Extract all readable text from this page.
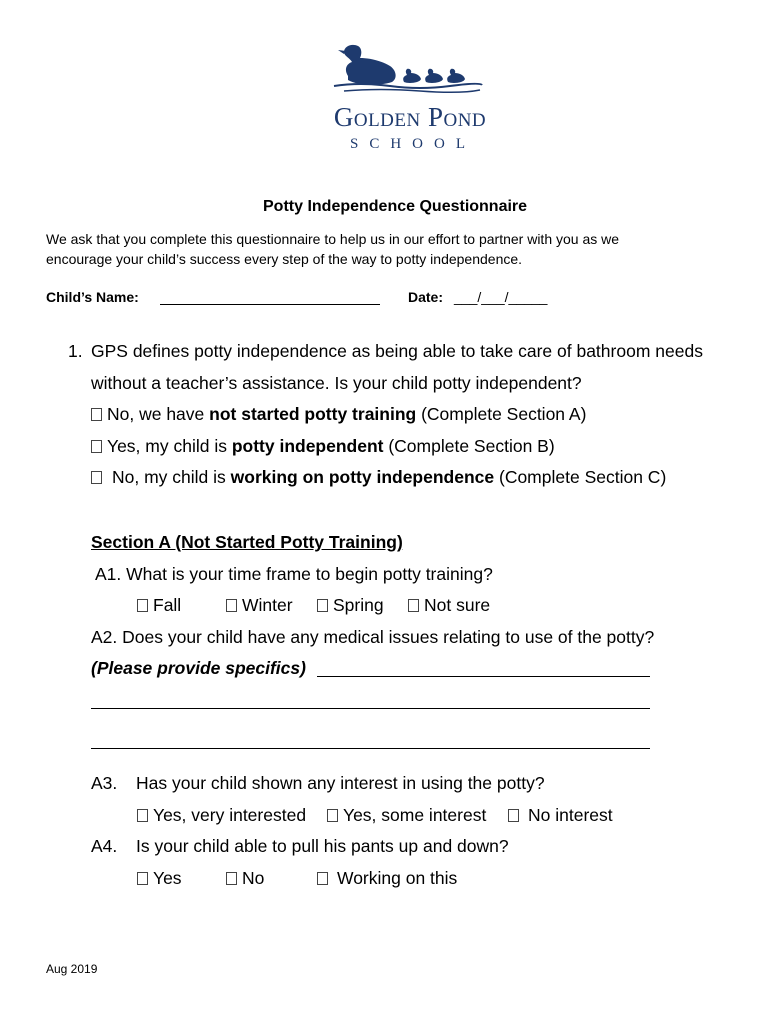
Golden Pond
SCHOOL
Potty Independence Questionnaire
We ask that you complete this questionnaire to help us in our effort to partner with you as we
encourage your child’s success every step of the way to potty independence.
Child’s Name:	Date: ___/___/_____
1. GPS defines potty independence as being able to take care of bathroom needs
without a teacher’s assistance. Is your child potty independent?
No, we have not started potty training (Complete Section A)
Yes, my child is potty independent (Complete Section B)
No, my child is working on potty independence (Complete Section C)
Section A (Not Started Potty Training)
A1. What is your time frame to begin potty training?
Fall	Winter	Spring	Not sure
A2. Does your child have any medical issues relating to use of the potty?
(Please provide specifics)
A3. Has your child shown any interest in using the potty?
Yes, very interested	Yes, some interest	No interest
A4. Is your child able to pull his pants up and down?
Yes	No	Working on this
Aug 2019
